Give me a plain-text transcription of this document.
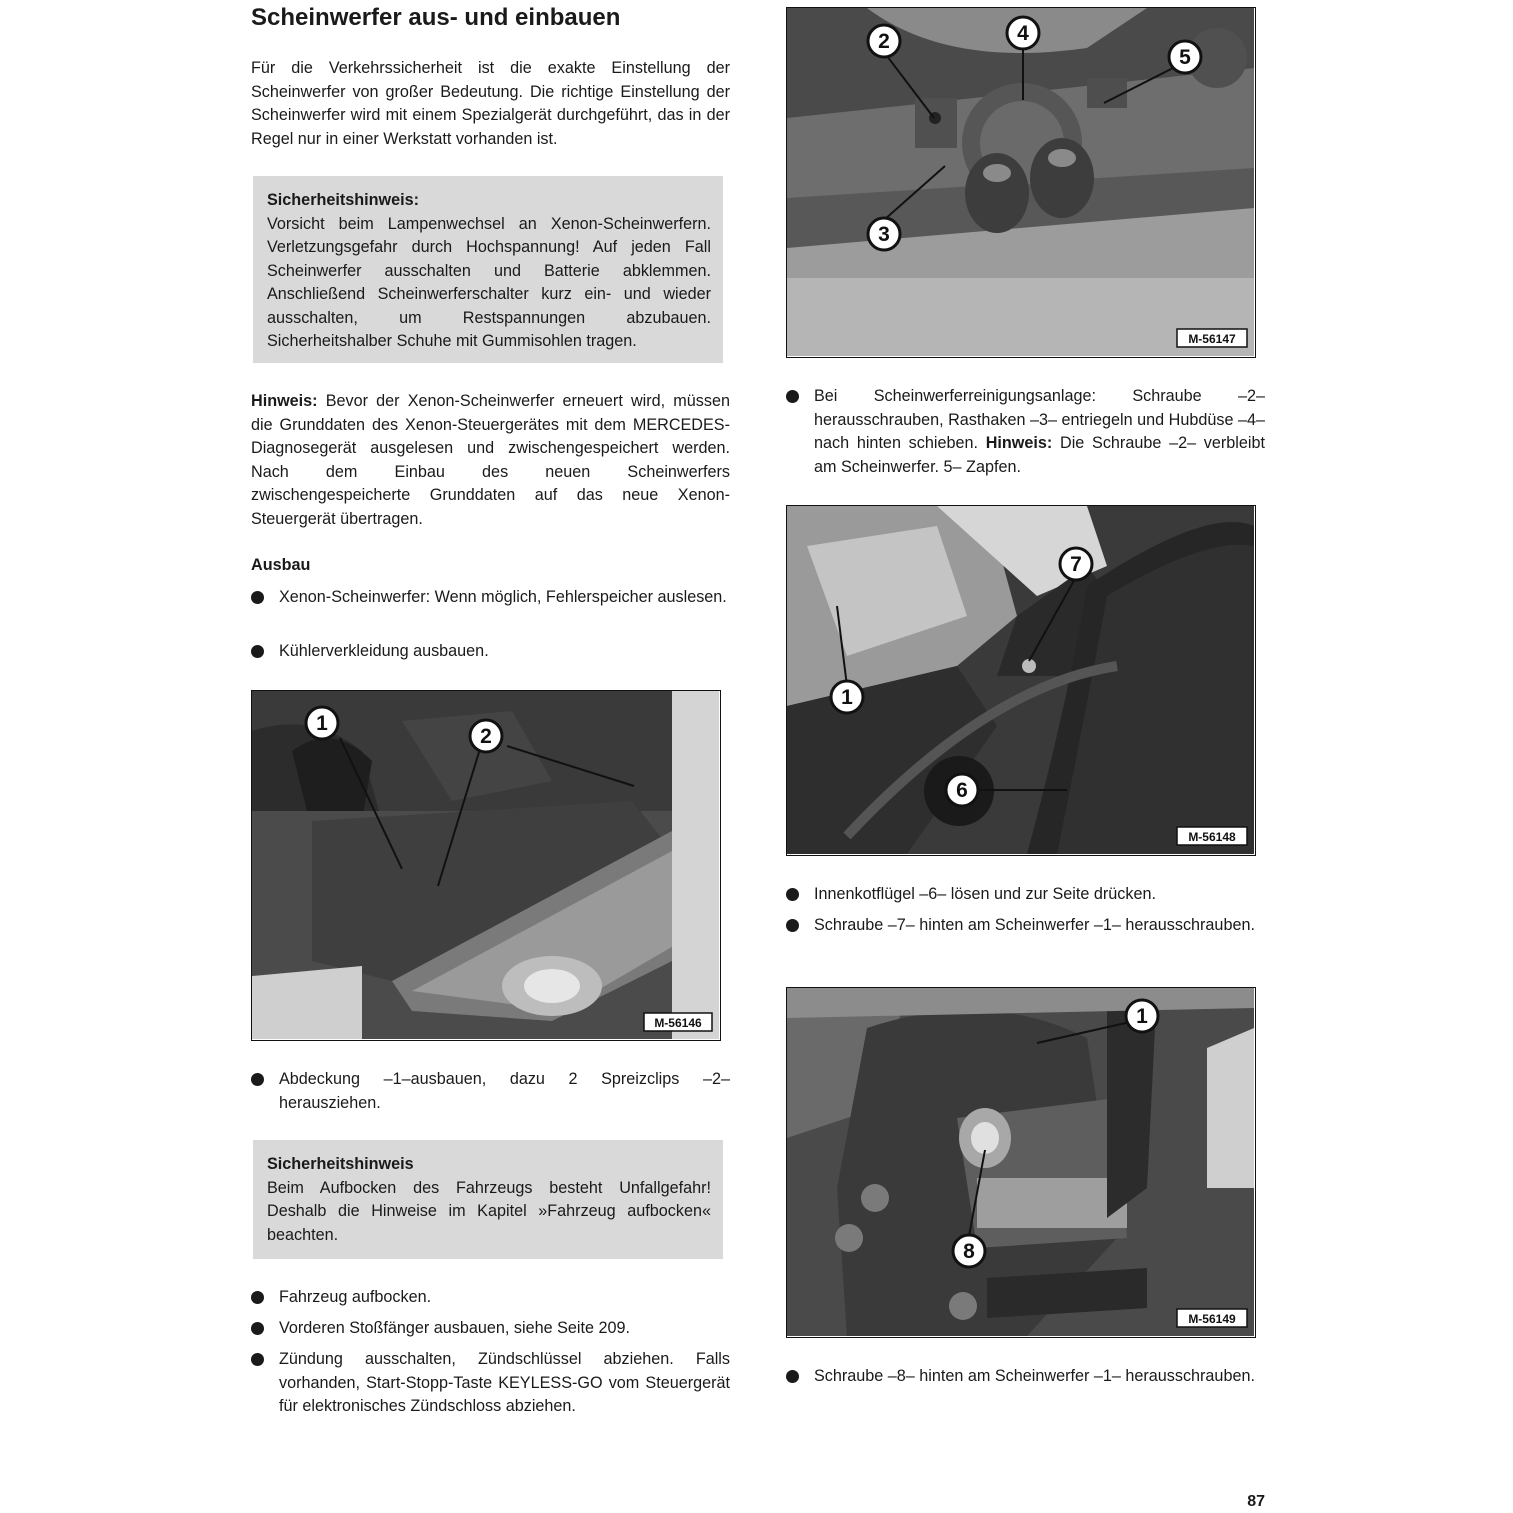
Scheinwerfer aus- und einbauen

Für die Verkehrssicherheit ist die exakte Einstellung der Scheinwerfer von großer Bedeutung. Die richtige Einstellung der Scheinwerfer wird mit einem Spezialgerät durchgeführt, das in der Regel nur in einer Werkstatt vorhanden ist.

Sicherheitshinweis:
Vorsicht beim Lampenwechsel an Xenon-Scheinwerfern. Verletzungsgefahr durch Hochspannung! Auf jeden Fall Scheinwerfer ausschalten und Batterie abklemmen. Anschließend Scheinwerferschalter kurz ein- und wieder ausschalten, um Restspannungen abzubauen. Sicherheitshalber Schuhe mit Gummisohlen tragen.

Hinweis: Bevor der Xenon-Scheinwerfer erneuert wird, müssen die Grunddaten des Xenon-Steuergerätes mit dem MERCEDES-Diagnosegerät ausgelesen und zwischengespeichert werden. Nach dem Einbau des neuen Scheinwerfers zwischengespeicherte Grunddaten auf das neue Xenon-Steuergerät übertragen.

Ausbau
Xenon-Scheinwerfer: Wenn möglich, Fehlerspeicher auslesen.
Kühlerverkleidung ausbauen.
1
2
M-56146
Abdeckung –1–ausbauen, dazu 2 Spreizclips –2– herausziehen.

Sicherheitshinweis
Beim Aufbocken des Fahrzeugs besteht Unfallgefahr! Deshalb die Hinweise im Kapitel »Fahrzeug aufbocken« beachten.

Fahrzeug aufbocken.
Vorderen Stoßfänger ausbauen, siehe Seite 209.
Zündung ausschalten, Zündschlüssel abziehen. Falls vorhanden, Start-Stopp-Taste KEYLESS-GO vom Steuergerät für elektronisches Zündschloss abziehen.
2	4
5
3
M-56147
Bei Scheinwerferreinigungsanlage: Schraube –2– herausschrauben, Rasthaken –3– entriegeln und Hubdüse –4– nach hinten schieben. Hinweis: Die Schraube –2– verbleibt am Scheinwerfer. 5– Zapfen.
7
1
6
M-56148
Innenkotflügel –6– lösen und zur Seite drücken.
Schraube –7– hinten am Scheinwerfer –1– herausschrauben.
1
8
M-56149
Schraube –8– hinten am Scheinwerfer –1– herausschrauben.
87
